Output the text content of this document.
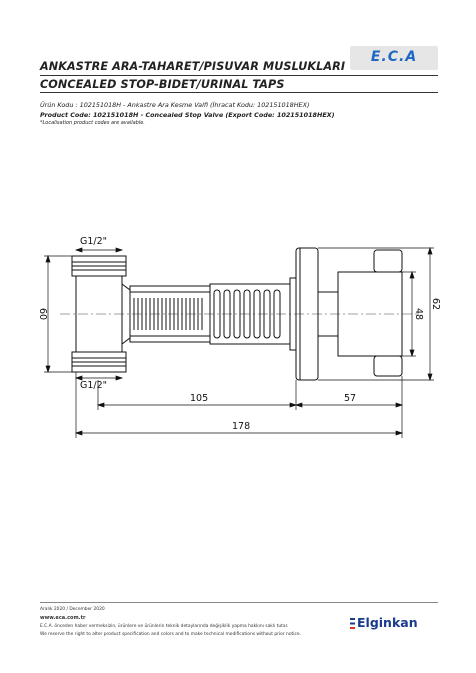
ANKASTRE ARA-TAHARET/PISUVAR MUSLUKLARI
CONCEALED STOP-BIDET/URINAL TAPS
E.C.A
Ürün Kodu : 102151018H - Ankastre Ara Kesme Valfi (İhracat Kodu: 102151018HEX)
Product Code: 102151018H - Concealed Stop Valve (Export Code: 102151018HEX)
*Localisation product codes are available.
G1/2"
G1/2"
60	48
62
105	57
178
Aralık 2020 / December 2020
www.eca.com.tr
E.C.A. önceden haber vermeksizin, ürünlere ve ürünlerin teknik detaylarında değişiklik yapma hakkını saklı tutar.
We reserve the right to alter product specification and colors and to make technical modifications without prior notice.
Elginkan
